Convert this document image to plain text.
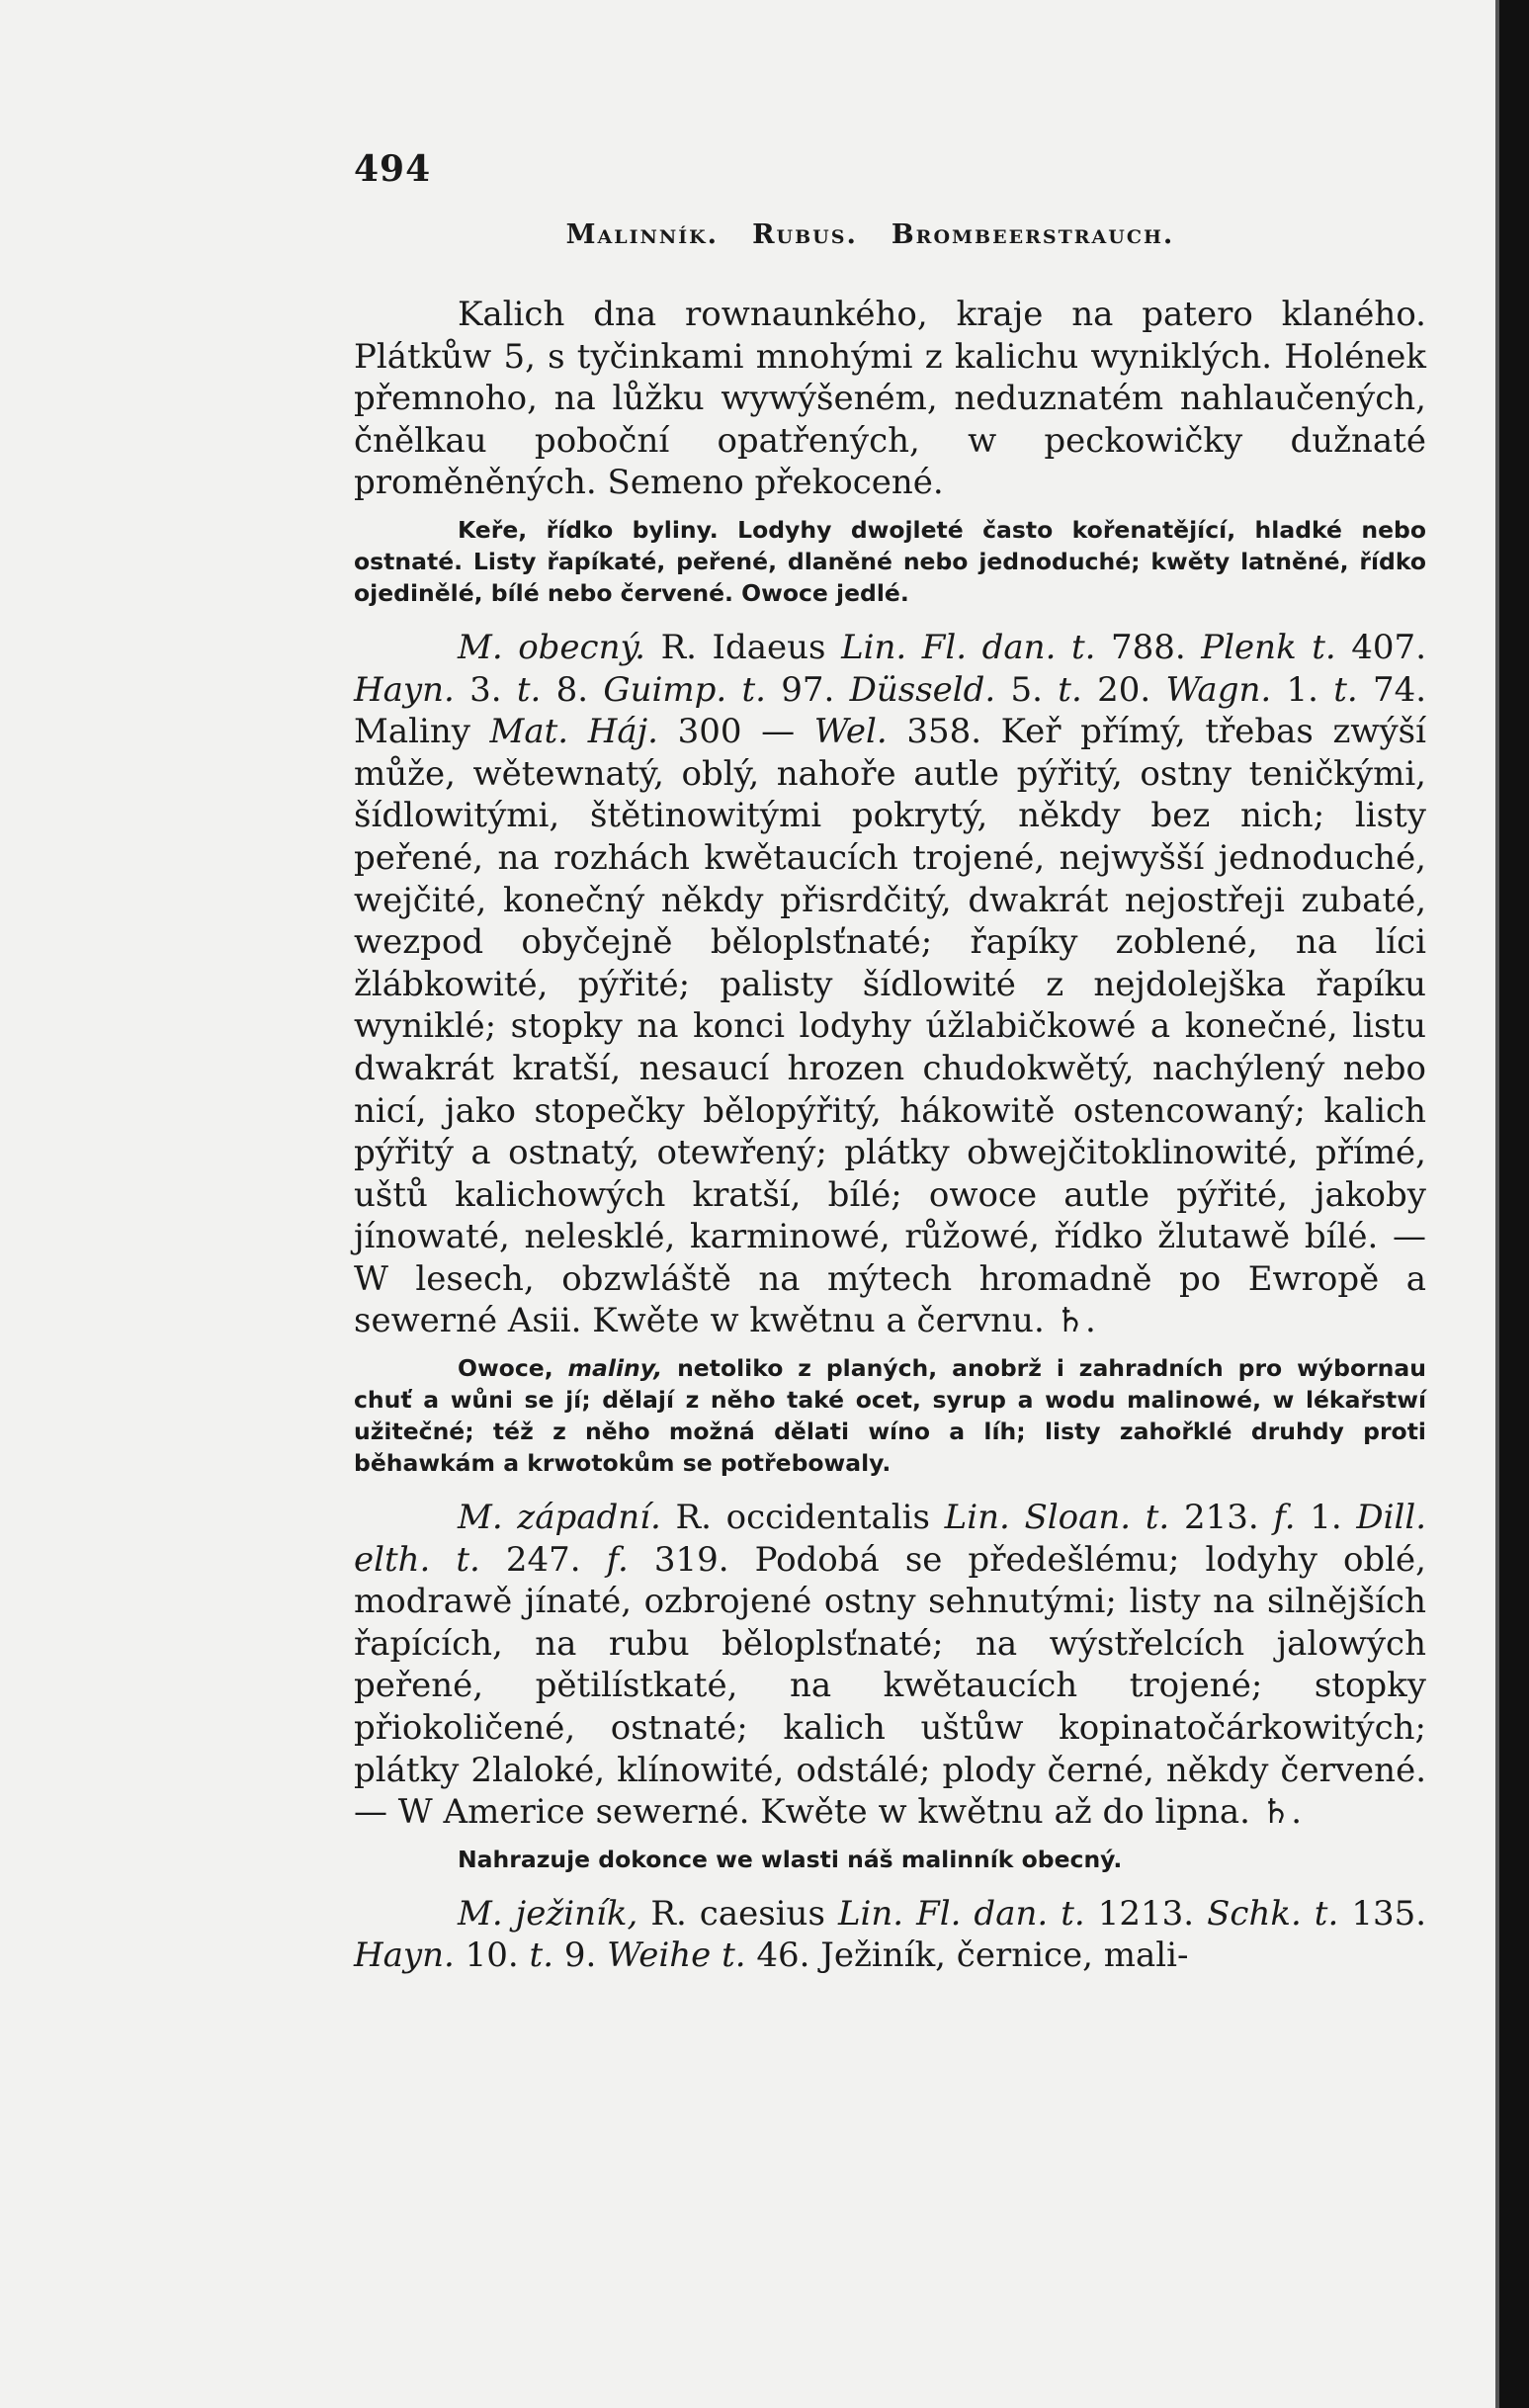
494
Malinník. Rubus. Brombeerstrauch.

Kalich dna rownaunkého, kraje na patero klaného. Plátkůw 5, s tyčinkami mnohými z kalichu wyniklých. Holének přemnoho, na lůžku wywýšeném, neduznatém nahlaučených, čnělkau poboční opatřených, w peckowičky dužnaté proměněných. Semeno překocené.

Keře, řídko byliny. Lodyhy dwojleté často kořenatějící, hladké nebo ostnaté. Listy řapíkaté, peřené, dlaněné nebo jednoduché; kwěty latněné, řídko ojedinělé, bílé nebo červené. Owoce jedlé.

M. obecný. R. Idaeus Lin. Fl. dan. t. 788. Plenk t. 407. Hayn. 3. t. 8. Guimp. t. 97. Düsseld. 5. t. 20. Wagn. 1. t. 74. Maliny Mat. Háj. 300 — Wel. 358. Keř přímý, třebas zwýší může, wětewnatý, oblý, nahoře autle pýřitý, ostny teničkými, šídlowitými, štětinowitými pokrytý, někdy bez nich; listy peřené, na rozhách kwětaucích trojené, nejwyšší jednoduché, wejčité, konečný někdy přisrdčitý, dwakrát nejostřeji zubaté, wezpod obyčejně běloplsťnaté; řapíky zoblené, na líci žlábkowité, pýřité; palisty šídlowité z nejdolejška řapíku wyniklé; stopky na konci lodyhy úžlabičkowé a konečné, listu dwakrát kratší, nesaucí hrozen chudokwětý, nachýlený nebo nicí, jako stopečky bělopýřitý, hákowitě ostencowaný; kalich pýřitý a ostnatý, otewřený; plátky obwejčitoklinowité, přímé, uštů kalichowých kratší, bílé; owoce autle pýřité, jakoby jínowaté, nelesklé, karminowé, růžowé, řídko žlutawě bílé. — W lesech, obzwláště na mýtech hromadně po Ewropě a sewerné Asii. Kwěte w kwětnu a červnu. ♄.

Owoce, maliny, netoliko z planých, anobrž i zahradních pro wýbornau chuť a wůni se jí; dělají z něho také ocet, syrup a wodu malinowé, w lékařstwí užitečné; též z něho možná dělati wíno a líh; listy zahořklé druhdy proti běhawkám a krwotokům se potřebowaly.

M. západní. R. occidentalis Lin. Sloan. t. 213. f. 1. Dill. elth. t. 247. f. 319. Podobá se předešlému; lodyhy oblé, modrawě jínaté, ozbrojené ostny sehnutými; listy na silnějších řapících, na rubu běloplsťnaté; na wýstřelcích jalowých peřené, pětilístkaté, na kwětaucích trojené; stopky přiokoličené, ostnaté; kalich uštůw kopinatočárkowitých; plátky 2laloké, klínowité, odstálé; plody černé, někdy červené. — W Americe sewerné. Kwěte w kwětnu až do lipna. ♄.

Nahrazuje dokonce we wlasti náš malinník obecný.

M. ježiník, R. caesius Lin. Fl. dan. t. 1213. Schk. t. 135. Hayn. 10. t. 9. Weihe t. 46. Ježiník, černice, mali-
